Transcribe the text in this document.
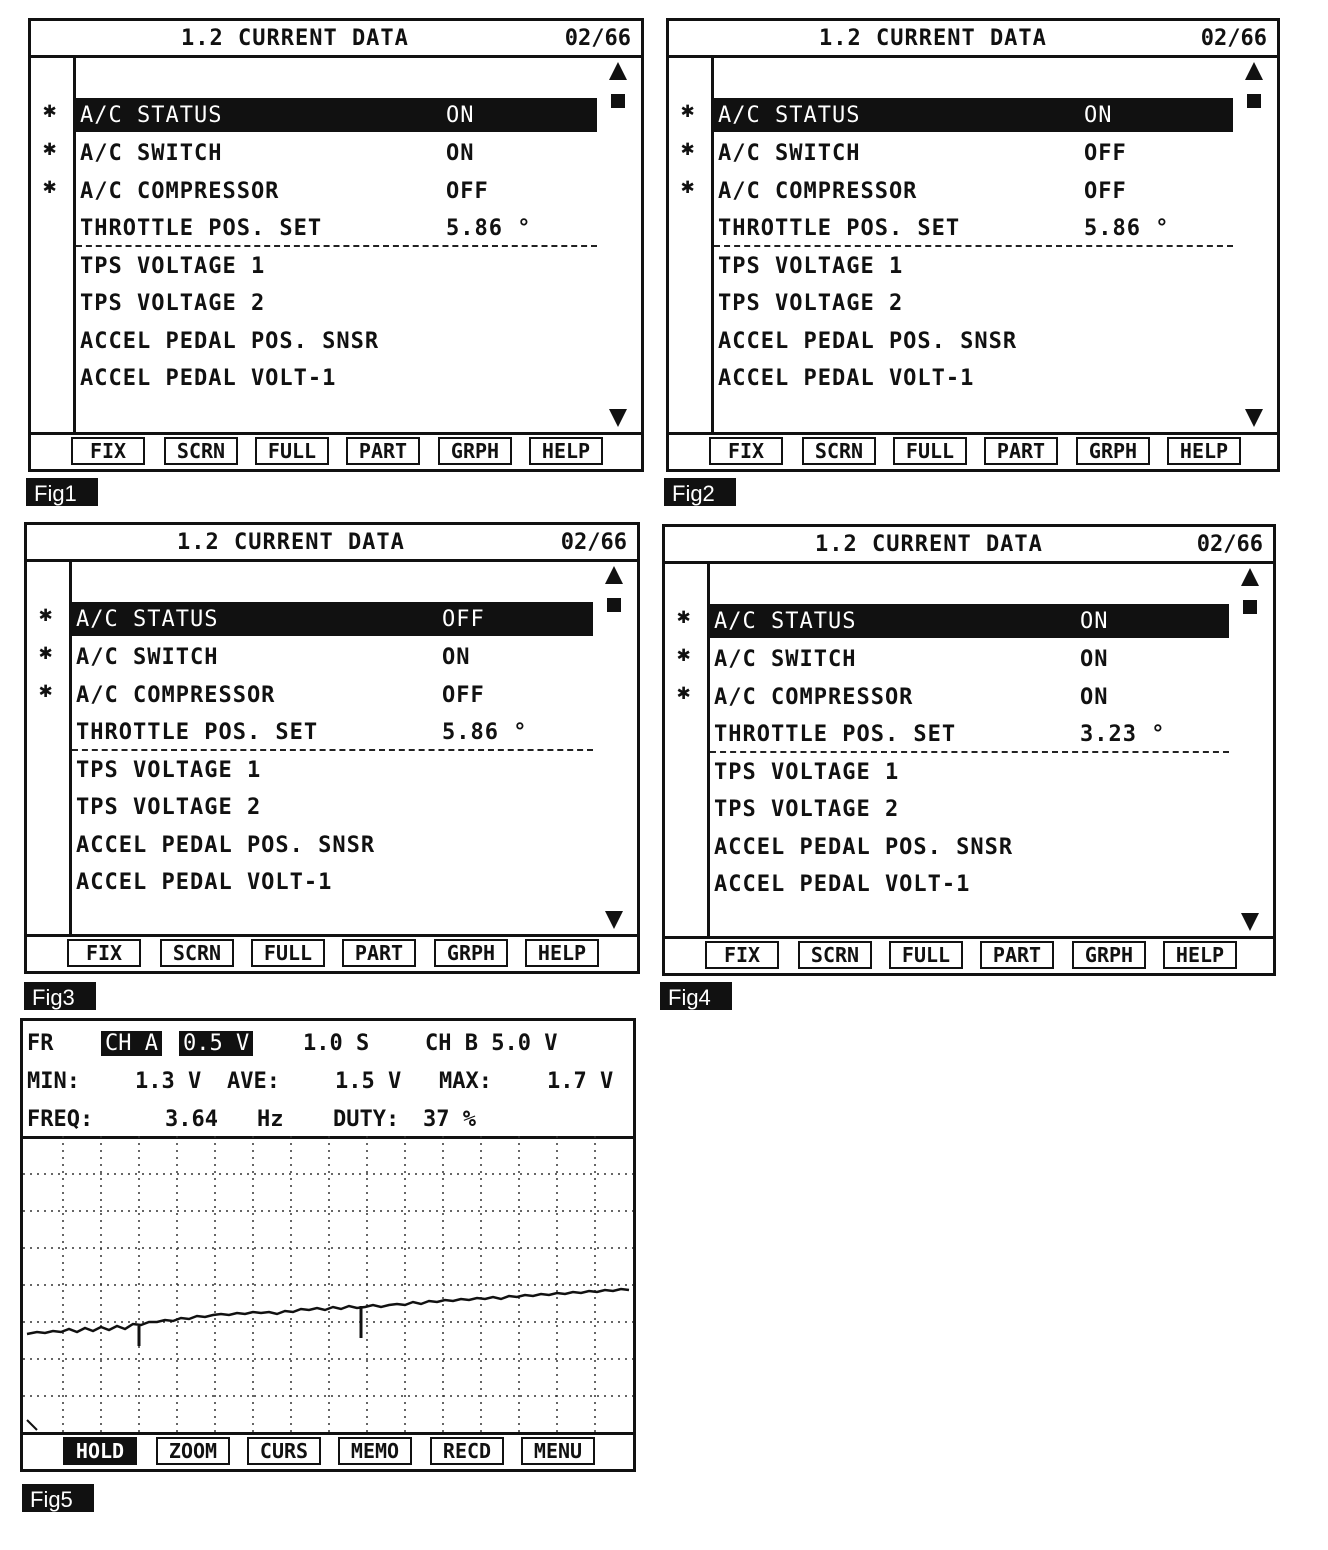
1.2 CURRENT DATA	02/66
✱
✱
✱
A/C STATUS	ON
A/C SWITCH	ON
A/C COMPRESSOR	OFF
THROTTLE POS. SET	5.86 °
TPS VOLTAGE 1
TPS VOLTAGE 2
ACCEL PEDAL POS. SNSR
ACCEL PEDAL VOLT-1
FIX	SCRN	FULL	PART	GRPH	HELP
Fig1
1.2 CURRENT DATA	02/66
✱
✱
✱
A/C STATUS	ON
A/C SWITCH	OFF
A/C COMPRESSOR	OFF
THROTTLE POS. SET	5.86 °
TPS VOLTAGE 1
TPS VOLTAGE 2
ACCEL PEDAL POS. SNSR
ACCEL PEDAL VOLT-1
FIX	SCRN	FULL	PART	GRPH	HELP
Fig2
1.2 CURRENT DATA	02/66
✱
✱
✱
A/C STATUS	OFF
A/C SWITCH	ON
A/C COMPRESSOR	OFF
THROTTLE POS. SET	5.86 °
TPS VOLTAGE 1
TPS VOLTAGE 2
ACCEL PEDAL POS. SNSR
ACCEL PEDAL VOLT-1
FIX	SCRN	FULL	PART	GRPH	HELP
Fig3
1.2 CURRENT DATA	02/66
✱
✱
✱
A/C STATUS	ON
A/C SWITCH	ON
A/C COMPRESSOR	ON
THROTTLE POS. SET	3.23 °
TPS VOLTAGE 1
TPS VOLTAGE 2
ACCEL PEDAL POS. SNSR
ACCEL PEDAL VOLT-1
FIX	SCRN	FULL	PART	GRPH	HELP
Fig4
FR CH A 0.5 V 1.0 S	CH B 5.0 V
MIN:	1.3 V AVE:	1.5 V MAX:	1.7 V
FREQ:	3.64 Hz DUTY: 37 %
HOLD	ZOOM	CURS	MEMO	RECD	MENU
Fig5
